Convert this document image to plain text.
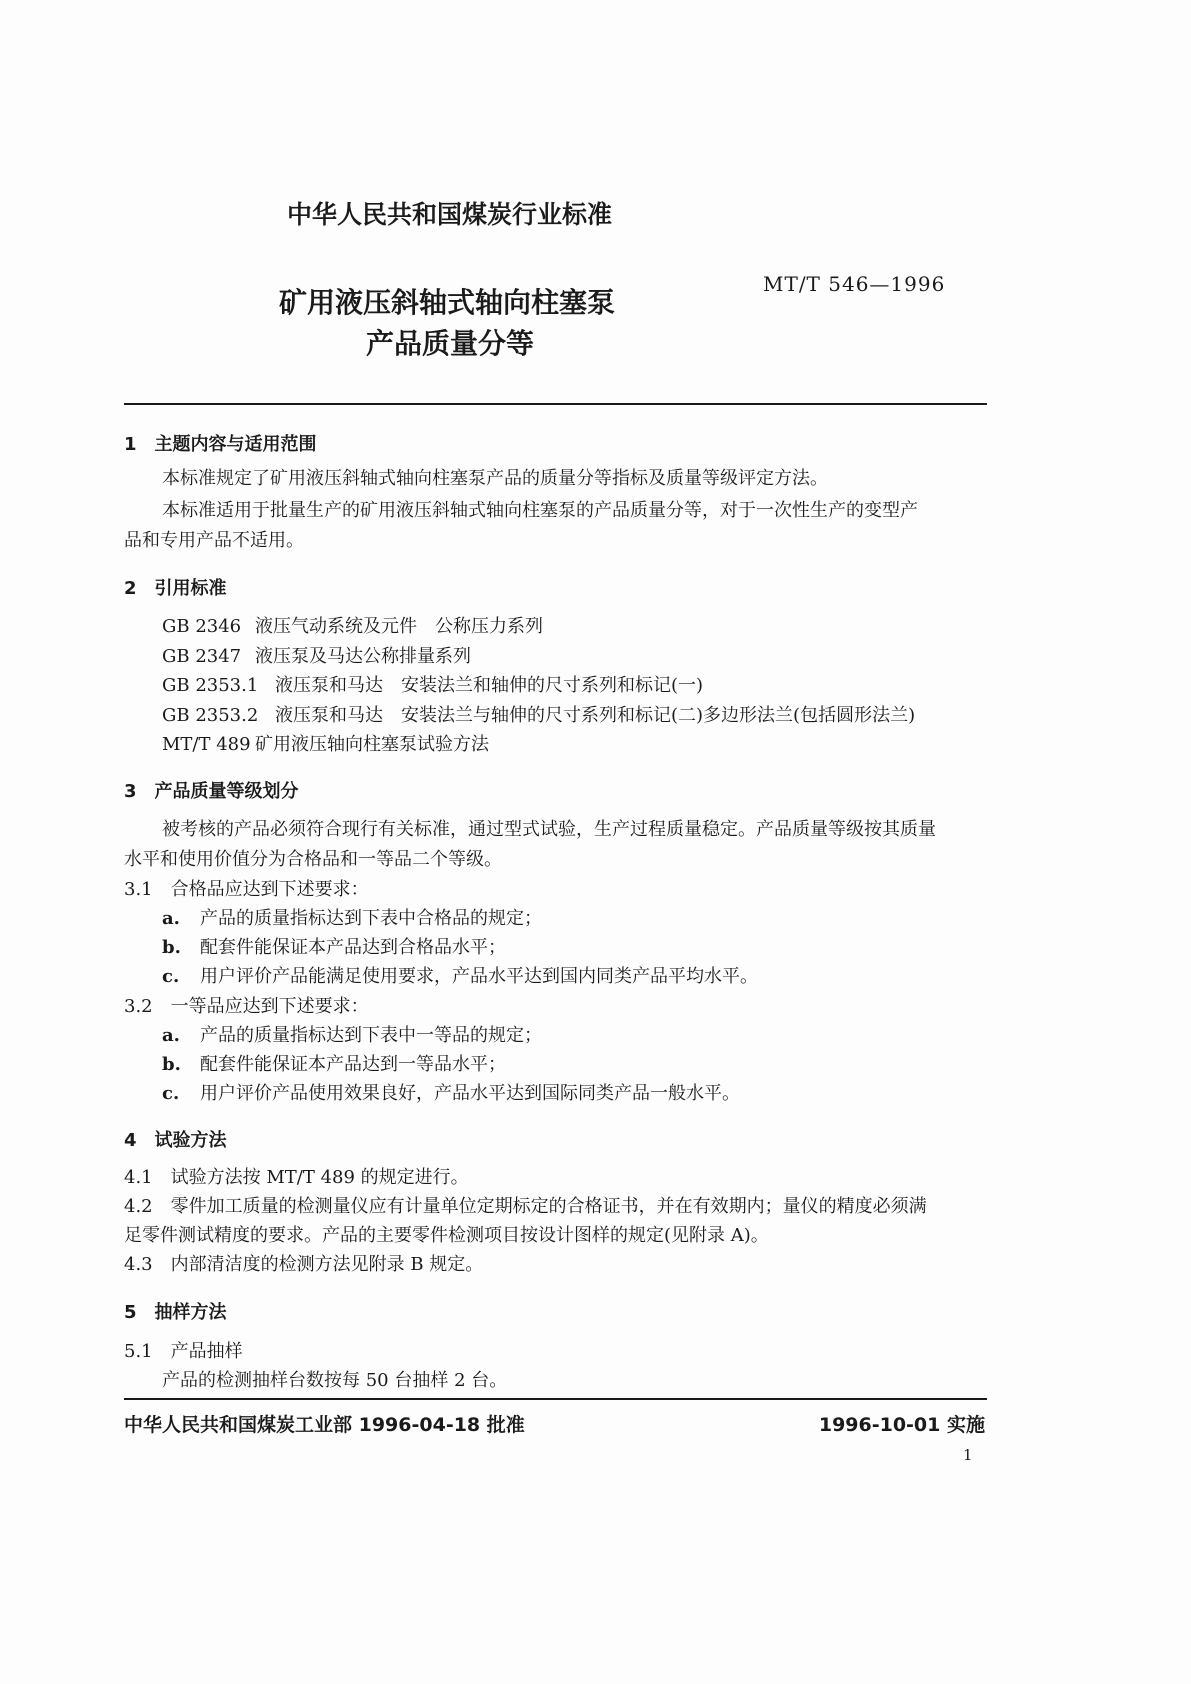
中华人民共和国煤炭行业标准
矿用液压斜轴式轴向柱塞泵
产品质量分等
MT/T 546—1996
1　主题内容与适用范围
本标准规定了矿用液压斜轴式轴向柱塞泵产品的质量分等指标及质量等级评定方法。
本标准适用于批量生产的矿用液压斜轴式轴向柱塞泵的产品质量分等，对于一次性生产的变型产
品和专用产品不适用。
2　引用标准
GB 2346 液压气动系统及元件　公称压力系列
GB 2347 液压泵及马达公称排量系列
GB 2353.1 液压泵和马达　安装法兰和轴伸的尺寸系列和标记(一)
GB 2353.2 液压泵和马达　安装法兰与轴伸的尺寸系列和标记(二)多边形法兰(包括圆形法兰)
MT/T 489 矿用液压轴向柱塞泵试验方法
3　产品质量等级划分
被考核的产品必须符合现行有关标准，通过型式试验，生产过程质量稳定。产品质量等级按其质量
水平和使用价值分为合格品和一等品二个等级。
3.1　合格品应达到下述要求：
a. 产品的质量指标达到下表中合格品的规定；
b. 配套件能保证本产品达到合格品水平；
c. 用户评价产品能满足使用要求，产品水平达到国内同类产品平均水平。
3.2　一等品应达到下述要求：
a. 产品的质量指标达到下表中一等品的规定；
b. 配套件能保证本产品达到一等品水平；
c. 用户评价产品使用效果良好，产品水平达到国际同类产品一般水平。
4　试验方法
4.1　试验方法按 MT/T 489 的规定进行。
4.2　零件加工质量的检测量仪应有计量单位定期标定的合格证书，并在有效期内；量仪的精度必须满
足零件测试精度的要求。产品的主要零件检测项目按设计图样的规定(见附录 A)。
4.3　内部清洁度的检测方法见附录 B 规定。
5　抽样方法
5.1　产品抽样
产品的检测抽样台数按每 50 台抽样 2 台。
中华人民共和国煤炭工业部 1996-04-18 批准	1996-10-01 实施
1
